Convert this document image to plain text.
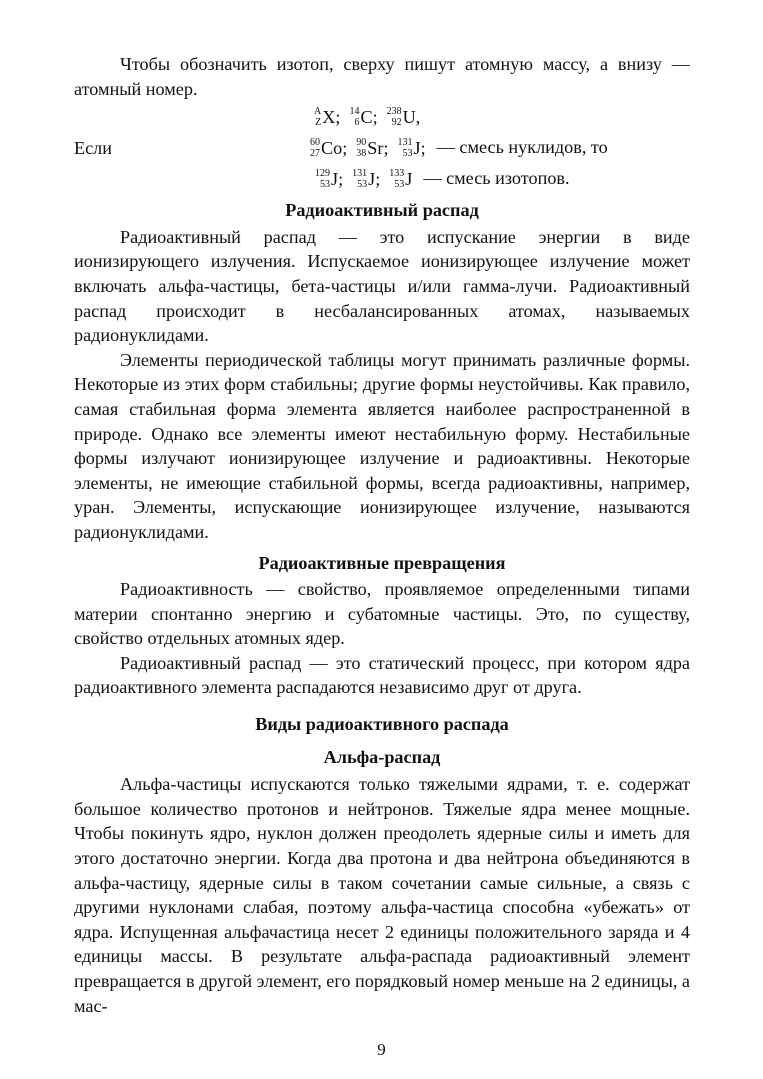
Чтобы обозначить изотоп, сверху пишут атомную массу, а внизу — атомный номер.

A
Z X ; 14
6 C ; 238
92 U ,
Если	60
27 Co ; 90
38 Sr ; 131
53 J ; — смесь нуклидов, то
129
53 J ; 131
53 J ; 133
53 J — смесь изотопов.
Радиоактивный распад

Радиоактивный распад — это испускание энергии в виде ионизирующего излучения. Испускаемое ионизирующее излучение может включать альфа-частицы, бета-частицы и/или гамма-лучи. Радиоактивный распад происходит в несбалансированных атомах, называемых радионуклидами.

Элементы периодической таблицы могут принимать различные формы. Некоторые из этих форм стабильны; другие формы неустойчивы. Как правило, самая стабильная форма элемента является наиболее распространенной в природе. Однако все элементы имеют нестабильную форму. Нестабильные формы излучают ионизирующее излучение и радиоактивны. Некоторые элементы, не имеющие стабильной формы, всегда радиоактивны, например, уран. Элементы, испускающие ионизирующее излучение, называются радионуклидами.

Радиоактивные превращения

Радиоактивность — свойство, проявляемое определенными типами материи спонтанно энергию и субатомные частицы. Это, по существу, свойство отдельных атомных ядер.

Радиоактивный распад — это статический процесс, при котором ядра радиоактивного элемента распадаются независимо друг от друга.

Виды радиоактивного распада
Альфа-распад

Альфа-частицы испускаются только тяжелыми ядрами, т. е. содержат большое количество протонов и нейтронов. Тяжелые ядра менее мощные. Чтобы покинуть ядро, нуклон должен преодолеть ядерные силы и иметь для этого достаточно энергии. Когда два протона и два нейтрона объединяются в альфа-частицу, ядерные силы в таком сочетании самые сильные, а связь с другими нуклонами слабая, поэтому альфа-частица способна «убежать» от ядра. Испущенная альфачастица несет 2 единицы положительного заряда и 4 единицы массы. В результате альфа-распада радиоактивный элемент превращается в другой элемент, его порядковый номер меньше на 2 единицы, а мас-

9
